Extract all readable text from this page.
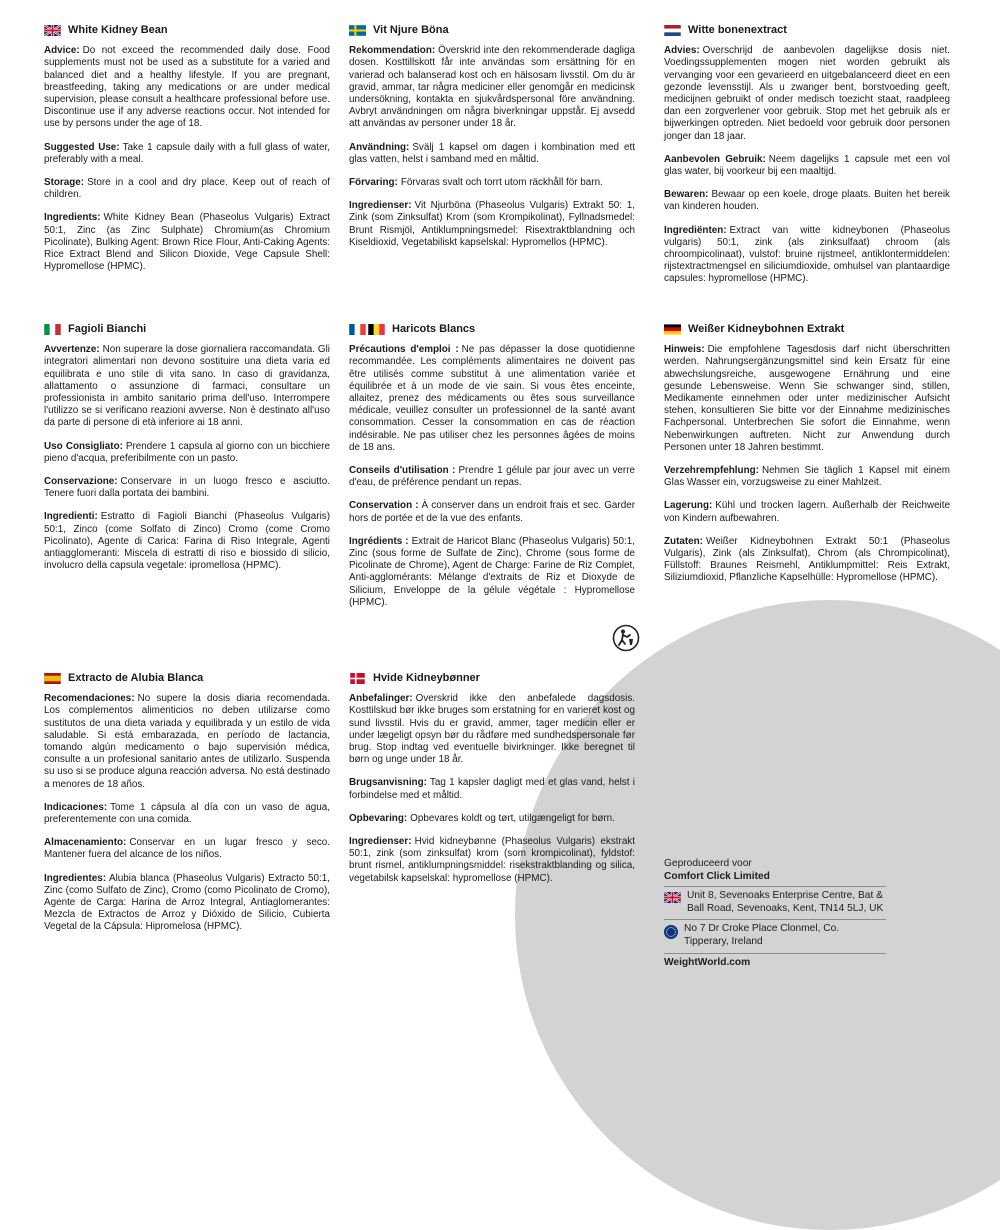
White Kidney Bean

Advice: Do not exceed the recommended daily dose. Food supplements must not be used as a substitute for a varied and balanced diet and a healthy lifestyle. If you are pregnant, breastfeeding, taking any medications or are under medical supervision, please consult a healthcare professional before use. Discontinue use if any adverse reactions occur. Not intended for use by persons under the age of 18.

Suggested Use: Take 1 capsule daily with a full glass of water, preferably with a meal.

Storage: Store in a cool and dry place. Keep out of reach of children.

Ingredients: White Kidney Bean (Phaseolus Vulgaris) Extract 50:1, Zinc (as Zinc Sulphate) Chromium(as Chromium Picolinate), Bulking Agent: Brown Rice Flour, Anti-Caking Agents: Rice Extract Blend and Silicon Dioxide, Vege Capsule Shell: Hypromellose (HPMC).

Vit Njure Böna

Rekommendation: Överskrid inte den rekommenderade dagliga dosen. Kosttillskott får inte användas som ersättning för en varierad och balanserad kost och en hälsosam livsstil. Om du är gravid, ammar, tar några mediciner eller genomgår en medicinsk undersökning, kontakta en sjukvårdspersonal före användning. Avbryt användningen om några biverkningar uppstår. Ej avsedd att användas av personer under 18 år.

Användning: Svälj 1 kapsel om dagen i kombination med ett glas vatten, helst i samband med en måltid.

Förvaring: Förvaras svalt och torrt utom räckhåll för barn.

Ingredienser: Vit Njurböna (Phaseolus Vulgaris) Extrakt 50: 1, Zink (som Zinksulfat) Krom (som Krompikolinat), Fyllnadsmedel: Brunt Rismjöl, Antiklumpningsmedel: Risextraktblandning och Kiseldioxid, Vegetabiliskt kapselskal: Hypromellos (HPMC).

Witte bonenextract

Advies: Overschrijd de aanbevolen dagelijkse dosis niet. Voedingssupplementen mogen niet worden gebruikt als vervanging voor een gevarieerd en uitgebalanceerd dieet en een gezonde levensstijl. Als u zwanger bent, borstvoeding geeft, medicijnen gebruikt of onder medisch toezicht staat, raadpleeg dan een zorgverlener voor gebruik. Stop met het gebruik als er bijwerkingen optreden. Niet bedoeld voor gebruik door personen jonger dan 18 jaar.

Aanbevolen Gebruik: Neem dagelijks 1 capsule met een vol glas water, bij voorkeur bij een maaltijd.

Bewaren: Bewaar op een koele, droge plaats. Buiten het bereik van kinderen houden.

Ingrediënten: Extract van witte kidneybonen (Phaseolus vulgaris) 50:1, zink (als zinksulfaat) chroom (als chroompicolinaat), vulstof: bruine rijstmeel, antiklontermiddelen: rijstextractmengsel en siliciumdioxide, omhulsel van plantaardige capsules: hypromellose (HPMC).

Fagioli Bianchi

Avvertenze: Non superare la dose giornaliera raccomandata. Gli integratori alimentari non devono sostituire una dieta varia ed equilibrata e uno stile di vita sano. In caso di gravidanza, allattamento o assunzione di farmaci, consultare un professionista in ambito sanitario prima dell'uso. Interrompere l'utilizzo se si verificano reazioni avverse. Non è destinato all'uso da parte di persone di età inferiore ai 18 anni.

Uso Consigliato: Prendere 1 capsula al giorno con un bicchiere pieno d'acqua, preferibilmente con un pasto.

Conservazione: Conservare in un luogo fresco e asciutto. Tenere fuori dalla portata dei bambini.

Ingredienti: Estratto di Fagioli Bianchi (Phaseolus Vulgaris) 50:1, Zinco (come Solfato di Zinco) Cromo (come Cromo Picolinato), Agente di Carica: Farina di Riso Integrale, Agenti antiagglomeranti: Miscela di estratti di riso e biossido di silicio, involucro della capsula vegetale: ipromellosa (HPMC).

Haricots Blancs

Précautions d'emploi : Ne pas dépasser la dose quotidienne recommandée. Les compléments alimentaires ne doivent pas être utilisés comme substitut à une alimentation variée et équilibrée et à un mode de vie sain. Si vous êtes enceinte, allaitez, prenez des médicaments ou êtes sous surveillance médicale, veuillez consulter un professionnel de la santé avant consommation. Cesser la consommation en cas de réaction indésirable. Ne pas utiliser chez les personnes âgées de moins de 18 ans.

Conseils d'utilisation : Prendre 1 gélule par jour avec un verre d'eau, de préférence pendant un repas.

Conservation : À conserver dans un endroit frais et sec. Garder hors de portée et de la vue des enfants.

Ingrédients : Extrait de Haricot Blanc (Phaseolus Vulgaris) 50:1, Zinc (sous forme de Sulfate de Zinc), Chrome (sous forme de Picolinate de Chrome), Agent de Charge: Farine de Riz Complet, Anti-agglomérants: Mélange d'extraits de Riz et Dioxyde de Silicium, Enveloppe de la gélule végétale : Hypromellose (HPMC).

Weißer Kidneybohnen Extrakt

Hinweis: Die empfohlene Tagesdosis darf nicht überschritten werden. Nahrungsergänzungsmittel sind kein Ersatz für eine abwechslungsreiche, ausgewogene Ernährung und eine gesunde Lebensweise. Wenn Sie schwanger sind, stillen, Medikamente einnehmen oder unter medizinischer Aufsicht stehen, konsultieren Sie bitte vor der Einnahme medizinisches Fachpersonal. Unterbrechen Sie sofort die Einnahme, wenn Nebenwirkungen auftreten. Nicht zur Anwendung durch Personen unter 18 Jahren bestimmt.

Verzehrempfehlung: Nehmen Sie täglich 1 Kapsel mit einem Glas Wasser ein, vorzugsweise zu einer Mahlzeit.

Lagerung: Kühl und trocken lagern. Außerhalb der Reichweite von Kindern aufbewahren.

Zutaten: Weißer Kidneybohnen Extrakt 50:1 (Phaseolus Vulgaris), Zink (als Zinksulfat), Chrom (als Chrompicolinat), Füllstoff: Braunes Reismehl, Antiklumpmittel: Reis Extrakt, Siliziumdioxid, Pflanzliche Kapselhülle: Hypromellose (HPMC).

Extracto de Alubia Blanca

Recomendaciones: No supere la dosis diaria recomendada. Los complementos alimenticios no deben utilizarse como sustitutos de una dieta variada y equilibrada y un estilo de vida saludable. Si está embarazada, en período de lactancia, tomando algún medicamento o bajo supervisión médica, consulte a un profesional sanitario antes de utilizarlo. Suspenda su uso si se produce alguna reacción adversa. No está destinado a menores de 18 años.

Indicaciones: Tome 1 cápsula al día con un vaso de agua, preferentemente con una comida.

Almacenamiento: Conservar en un lugar fresco y seco. Mantener fuera del alcance de los niños.

Ingredientes: Alubia blanca (Phaseolus Vulgaris) Extracto 50:1, Zinc (como Sulfato de Zinc), Cromo (como Picolinato de Cromo), Agente de Carga: Harina de Arroz Integral, Antiaglomerantes: Mezcla de Extractos de Arroz y Dióxido de Silicio, Cubierta Vegetal de la Cápsula: Hipromelosa (HPMC).

Hvide Kidneybønner

Anbefalinger: Overskrid ikke den anbefalede dagsdosis. Kosttilskud bør ikke bruges som erstatning for en varieret kost og sund livsstil. Hvis du er gravid, ammer, tager medicin eller er under lægeligt opsyn bør du rådføre med sundhedspersonale før brug. Stop indtag ved eventuelle bivirkninger. Ikke beregnet til børn og unge under 18 år.

Brugsanvisning: Tag 1 kapsler dagligt med et glas vand, helst i forbindelse med et måltid.

Opbevaring: Opbevares koldt og tørt, utilgængeligt for børn.

Ingredienser: Hvid kidneybønne (Phaseolus Vulgaris) ekstrakt 50:1, zink (som zinksulfat) krom (som krompicolinat), fyldstof: brunt rismel, antiklumpningsmiddel: risekstraktblanding og silica, vegetabilsk kapselskal: hypromellose (HPMC).

Geproduceerd voor
Comfort Click Limited
Unit 8, Sevenoaks Enterprise Centre, Bat & Ball Road, Sevenoaks, Kent, TN14 5LJ, UK
No 7 Dr Croke Place Clonmel, Co. Tipperary, Ireland
WeightWorld.com
